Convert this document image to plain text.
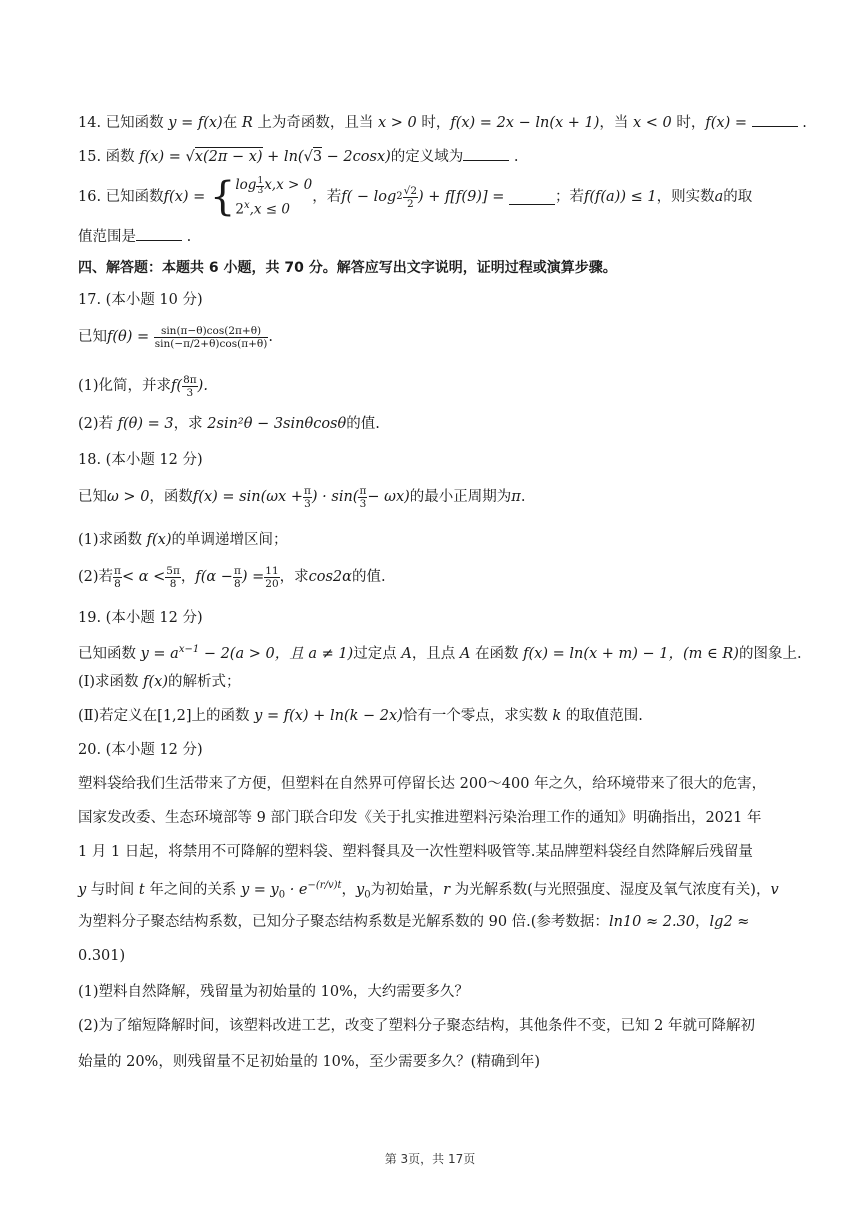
14. 已知函数 y = f(x)在 R 上为奇函数，且当 x > 0 时，f(x) = 2x − ln(x + 1)，当 x < 0 时，f(x) =	.
15. 函数 f(x) = √x(2π − x) + ln(√3 − 2cosx)的定义域为	.
16. 已知函数 f(x) =
{ $\log \frac{1}{3} x,x > 0$
$2^x,x \le 0$
，若 $f( - \log 2 \frac{√2}{2}$ ) + f[f(9)] =
	；若 f(f(a)) ≤ 1 ，则实数 a 的取
值范围是	.
四、解答题：本题共 6 小题，共 70 分。解答应写出文字说明，证明过程或演算步骤。
17. (本小题 10 分)
已知 f(θ) =
$\frac{\sin(\pi-\theta)\cos(2\pi+\theta)}{\sin(-\pi/2+\theta)\cos(\pi+\theta)}$ .
(1)化简，并求 $f( \frac{8\pi}{3}$ ).
(2)若 f(θ) = 3，求 2sin²θ − 3sinθcosθ的值.
18. (本小题 12 分)
已知 ω > 0 ，函数 $f(x) = \sin(\omega x + \frac{\pi}{3}$ ) · $\sin( \frac{\pi}{3} - \omega x)$ 的最小正周期为 π .
(1)求函数 f(x)的单调递增区间；
(2)若 $\frac{\pi}{8} < \alpha < \frac{5\pi}{8}$ ， $f(\alpha - \frac{\pi}{8}$ ) = $\frac{11}{20}$ ，求 cos2α 的值.
19. (本小题 12 分)
已知函数 $y = a^{x-1} - 2(a > 0$，且 a ≠ 1)过定点 A，且点 A 在函数 f(x) = ln(x + m) − 1，(m ∈ R)的图象上.
(Ⅰ)求函数 f(x)的解析式；
(Ⅱ)若定义在[1,2]上的函数 y = f(x) + ln(k − 2x)恰有一个零点，求实数 k 的取值范围.
20. (本小题 12 分)
塑料袋给我们生活带来了方便，但塑料在自然界可停留长达 200～400 年之久，给环境带来了很大的危害，
国家发改委、生态环境部等 9 部门联合印发《关于扎实推进塑料污染治理工作的通知》明确指出，2021 年
1 月 1 日起，将禁用不可降解的塑料袋、塑料餐具及一次性塑料吸管等.某品牌塑料袋经自然降解后残留量
y 与时间 t 年之间的关系 $y = y_0 \cdot e^{-(r/v)t}$，$y_0$为初始量，r 为光解系数(与光照强度、湿度及氧气浓度有关)，v
为塑料分子聚态结构系数，已知分子聚态结构系数是光解系数的 90 倍.(参考数据：ln10 ≈ 2.30，lg2 ≈
0.301)
(1)塑料自然降解，残留量为初始量的 10%，大约需要多久？
(2)为了缩短降解时间，该塑料改进工艺，改变了塑料分子聚态结构，其他条件不变，已知 2 年就可降解初
始量的 20%，则残留量不足初始量的 10%，至少需要多久？(精确到年)
第 3页，共 17页
